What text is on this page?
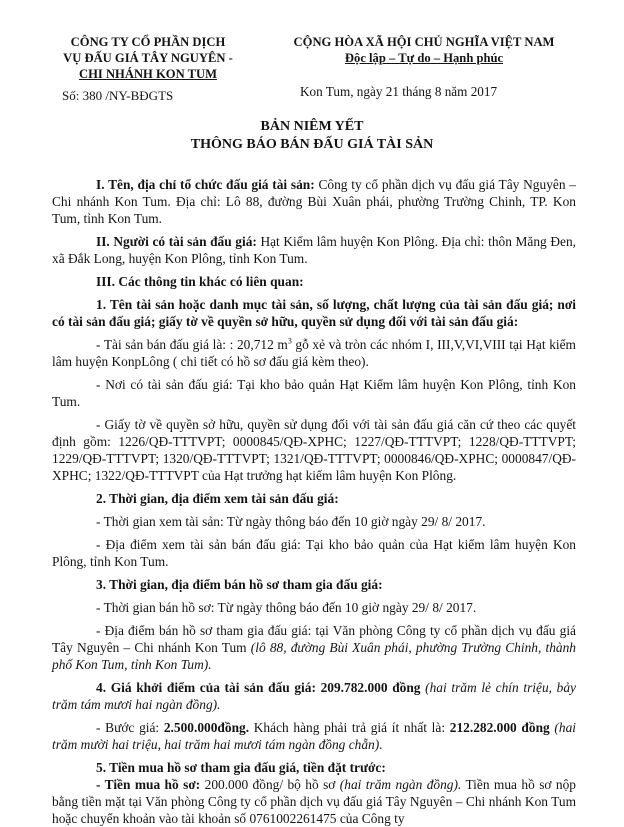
CÔNG TY CỔ PHẦN DỊCH
VỤ ĐẤU GIÁ TÂY NGUYÊN -
CHI NHÁNH KON TUM
CỘNG HÒA XÃ HỘI CHỦ NGHĨA VIỆT NAM
Độc lập – Tự do – Hạnh phúc
Số: 380 /NY-BĐGTS	Kon Tum, ngày 21 tháng 8 năm 2017
BẢN NIÊM YẾT
THÔNG BÁO BÁN ĐẤU GIÁ TÀI SẢN

I. Tên, địa chỉ tổ chức đấu giá tài sản: Công ty cổ phần dịch vụ đấu giá Tây Nguyên – Chi nhánh Kon Tum. Địa chỉ: Lô 88, đường Bùi Xuân phái, phường Trường Chinh, TP. Kon Tum, tỉnh Kon Tum.

II. Người có tài sản đấu giá: Hạt Kiểm lâm huyện Kon Plông. Địa chỉ: thôn Măng Đen, xã Đắk Long, huyện Kon Plông, tỉnh Kon Tum.

III. Các thông tin khác có liên quan:

1. Tên tài sản hoặc danh mục tài sản, số lượng, chất lượng của tài sản đấu giá; nơi có tài sản đấu giá; giấy tờ về quyền sở hữu, quyền sử dụng đối với tài sản đấu giá:

- Tài sản bán đấu giá là: : 20,712 $m^3$ gỗ xẻ và tròn các nhóm I, III,V,VI,VIII tại Hạt kiểm lâm huyện KonpLông ( chi tiết có hồ sơ đấu giá kèm theo).

- Nơi có tài sản đấu giá: Tại kho bảo quản Hạt Kiểm lâm huyện Kon Plông, tỉnh Kon Tum.

- Giấy tờ về quyền sở hữu, quyền sử dụng đối với tài sản đấu giá căn cứ theo các quyết định gồm: 1226/QĐ-TTTVPT; 0000845/QĐ-XPHC; 1227/QĐ-TTTVPT; 1228/QĐ-TTTVPT; 1229/QĐ-TTTVPT; 1320/QĐ-TTTVPT; 1321/QĐ-TTTVPT; 0000846/QĐ-XPHC; 0000847/QĐ-XPHC; 1322/QĐ-TTTVPT của Hạt trưởng hạt kiểm lâm huyện Kon Plông.

2. Thời gian, địa điểm xem tài sản đấu giá:

- Thời gian xem tài sản: Từ ngày thông báo đến 10 giờ ngày 29/ 8/ 2017.

- Địa điểm xem tài sản bán đấu giá: Tại kho bảo quản của Hạt kiểm lâm huyện Kon Plông, tỉnh Kon Tum.

3. Thời gian, địa điểm bán hồ sơ tham gia đấu giá:

- Thời gian bán hồ sơ: Từ ngày thông báo đến 10 giờ ngày 29/ 8/ 2017.

- Địa điểm bán hồ sơ tham gia đấu giá: tại Văn phòng Công ty cổ phần dịch vụ đấu giá Tây Nguyên – Chi nhánh Kon Tum (lô 88, đường Bùi Xuân phái, phường Trường Chinh, thành phố Kon Tum, tỉnh Kon Tum).

4. Giá khởi điểm của tài sản đấu giá: 209.782.000 đồng (hai trăm lẻ chín triệu, bảy trăm tám mươi hai ngàn đồng).

- Bước giá: 2.500.000đồng. Khách hàng phải trả giá ít nhất là: 212.282.000 đồng (hai trăm mười hai triệu, hai trăm hai mươi tám ngàn đồng chẵn).

5. Tiền mua hồ sơ tham gia đấu giá, tiền đặt trước:

- Tiền mua hồ sơ: 200.000 đồng/ bộ hồ sơ (hai trăm ngàn đồng). Tiền mua hồ sơ nộp bằng tiền mặt tại Văn phòng Công ty cổ phần dịch vụ đấu giá Tây Nguyên – Chi nhánh Kon Tum hoặc chuyển khoản vào tài khoản số 0761002261475 của Công ty
